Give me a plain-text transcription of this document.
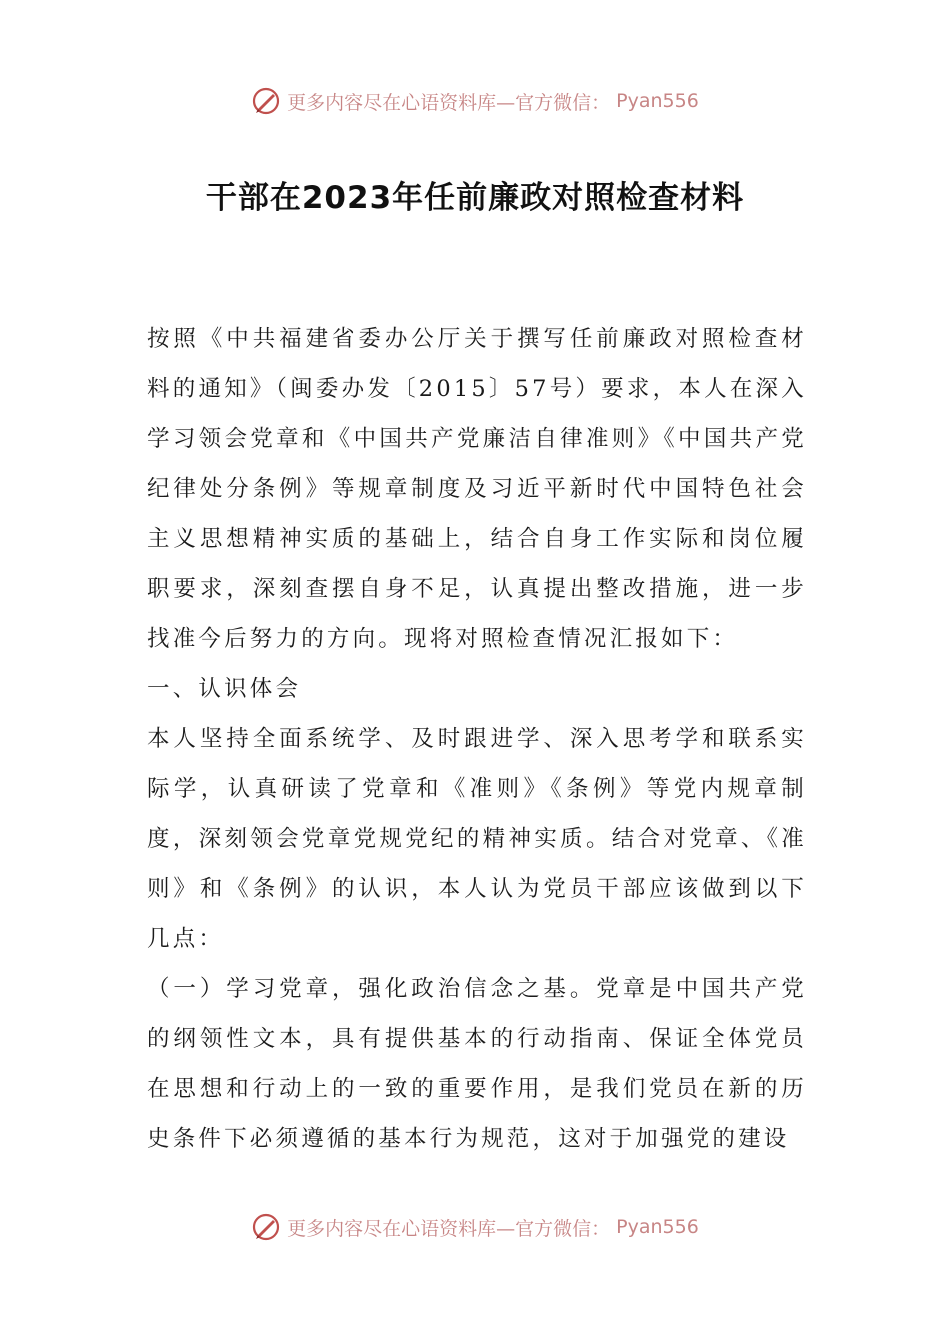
更多内容尽在心语资料库—官方微信： Pyan556
干部在2023年任前廉政对照检查材料

按照《中共福建省委办公厅关于撰写任前廉政对照检查材料的通知》（闽委办发〔2015〕57号）要求，本人在深入学习领会党章和《中国共产党廉洁自律准则》《中国共产党纪律处分条例》等规章制度及习近平新时代中国特色社会主义思想精神实质的基础上，结合自身工作实际和岗位履职要求，深刻查摆自身不足，认真提出整改措施，进一步找准今后努力的方向。现将对照检查情况汇报如下：

一、认识体会

本人坚持全面系统学、及时跟进学、深入思考学和联系实际学，认真研读了党章和《准则》《条例》等党内规章制度，深刻领会党章党规党纪的精神实质。结合对党章、《准则》和《条例》的认识，本人认为党员干部应该做到以下几点：

（一）学习党章，强化政治信念之基。党章是中国共产党的纲领性文本，具有提供基本的行动指南、保证全体党员在思想和行动上的一致的重要作用，是我们党员在新的历史条件下必须遵循的基本行为规范，这对于加强党的建设

更多内容尽在心语资料库—官方微信： Pyan556
